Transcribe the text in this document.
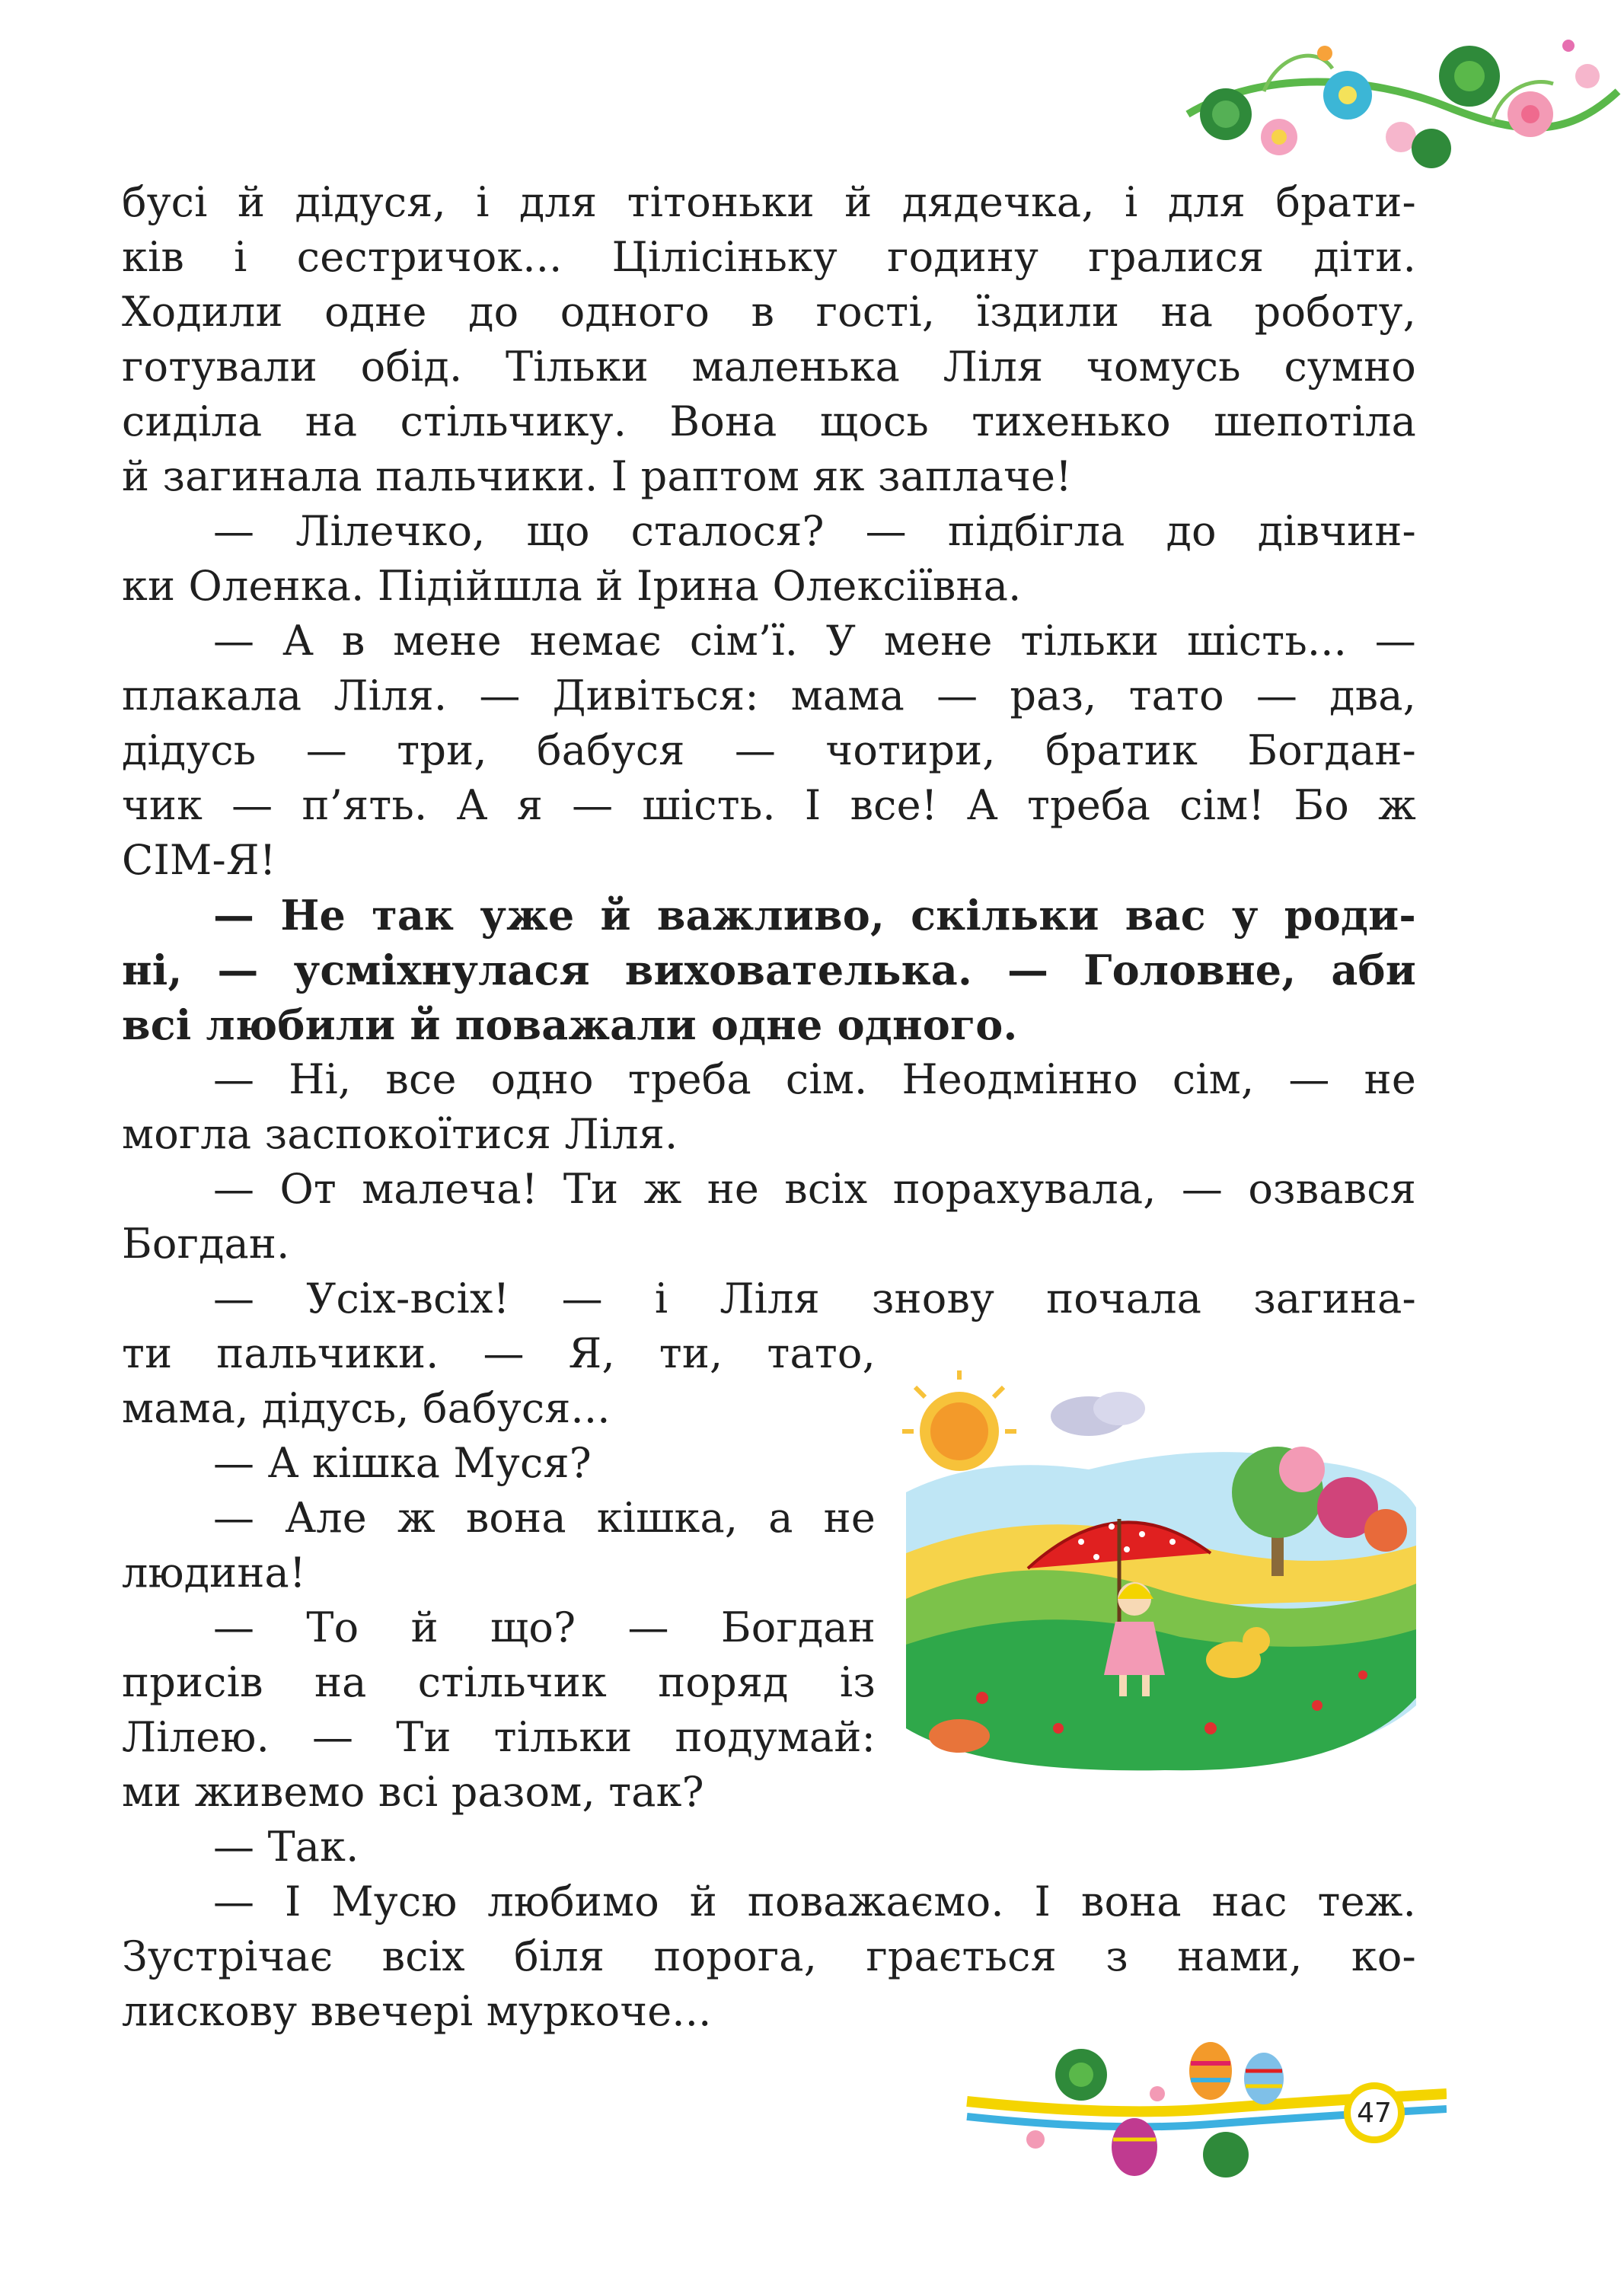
бусі й дідуся, і для тітоньки й дядечка, і для брати-
ків і сестричок... Цілісіньку годину гралися діти.
Ходили одне до одного в гості, їздили на роботу,
готували обід. Тільки маленька Ліля чомусь сумно
сиділа на стільчику. Вона щось тихенько шепотіла
й загинала пальчики. І раптом як заплаче!
— Лілечко, що сталося? — підбігла до дівчин-
ки Оленка. Підійшла й Ірина Олексіївна.
— А в мене немає сім’ї. У мене тільки шість... —
плакала Ліля. — Дивіться: мама — раз, тато — два,
дідусь — три, бабуся — чотири, братик Богдан-
чик — п’ять. А я — шість. І все! А треба сім! Бо ж
СІМ-Я!
— Не так уже й важливо, скільки вас у роди-
ні, — усміхнулася вихователька. — Головне, аби
всі любили й поважали одне одного.
— Ні, все одно треба сім. Неодмінно сім, — не
могла заспокоїтися Ліля.
— От малеча! Ти ж не всіх порахувала, — озвався
Богдан.
— Усіх-всіх! — і Ліля знову почала загина-
ти пальчики. — Я, ти, тато,
мама, дідусь, бабуся...
— А кішка Муся?
— Але ж вона кішка, а не
людина!
— То й що? — Богдан
присів на стільчик поряд із
Лілею. — Ти тільки подумай:
ми живемо всі разом, так?
— Так.
— І Мусю любимо й поважаємо. І вона нас теж.
Зустрічає всіх біля порога, грається з нами, ко-
лискову ввечері муркоче...
47
